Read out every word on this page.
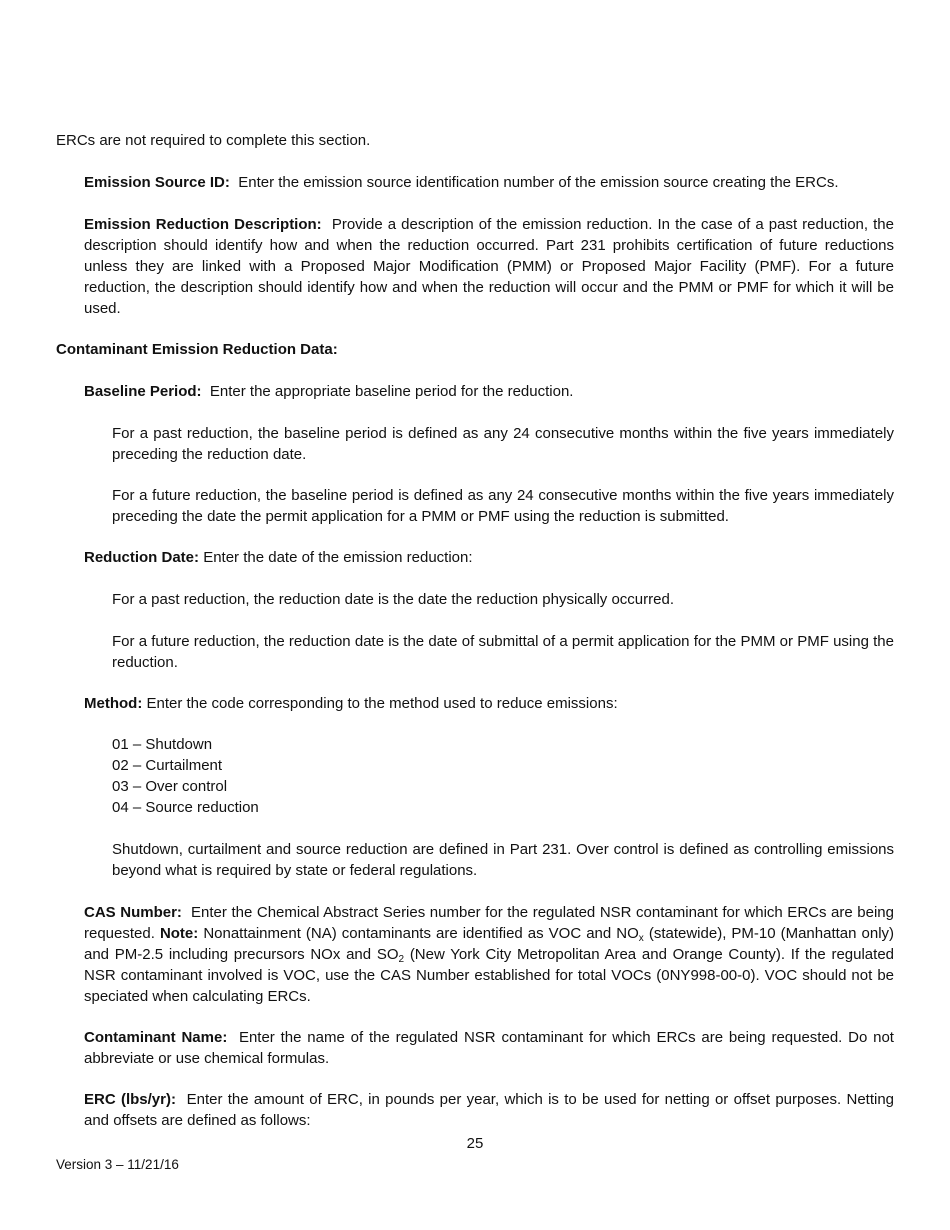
ERCs are not required to complete this section.

Emission Source ID: Enter the emission source identification number of the emission source creating the ERCs.

Emission Reduction Description: Provide a description of the emission reduction. In the case of a past reduction, the description should identify how and when the reduction occurred. Part 231 prohibits certification of future reductions unless they are linked with a Proposed Major Modification (PMM) or Proposed Major Facility (PMF). For a future reduction, the description should identify how and when the reduction will occur and the PMM or PMF for which it will be used.

Contaminant Emission Reduction Data:

Baseline Period: Enter the appropriate baseline period for the reduction.

For a past reduction, the baseline period is defined as any 24 consecutive months within the five years immediately preceding the reduction date.

For a future reduction, the baseline period is defined as any 24 consecutive months within the five years immediately preceding the date the permit application for a PMM or PMF using the reduction is submitted.

Reduction Date: Enter the date of the emission reduction:

For a past reduction, the reduction date is the date the reduction physically occurred.

For a future reduction, the reduction date is the date of submittal of a permit application for the PMM or PMF using the reduction.

Method: Enter the code corresponding to the method used to reduce emissions:

01 – Shutdown
02 – Curtailment
03 – Over control
04 – Source reduction

Shutdown, curtailment and source reduction are defined in Part 231. Over control is defined as controlling emissions beyond what is required by state or federal regulations.

CAS Number: Enter the Chemical Abstract Series number for the regulated NSR contaminant for which ERCs are being requested. Note: Nonattainment (NA) contaminants are identified as VOC and $NO_x$ (statewide), PM-10 (Manhattan only) and PM-2.5 including precursors NOx and $SO_2$ (New York City Metropolitan Area and Orange County). If the regulated NSR contaminant involved is VOC, use the CAS Number established for total VOCs (0NY998-00-0). VOC should not be speciated when calculating ERCs.

Contaminant Name: Enter the name of the regulated NSR contaminant for which ERCs are being requested. Do not abbreviate or use chemical formulas.

ERC (lbs/yr): Enter the amount of ERC, in pounds per year, which is to be used for netting or offset purposes. Netting and offsets are defined as follows:

25
Version 3 – 11/21/16
